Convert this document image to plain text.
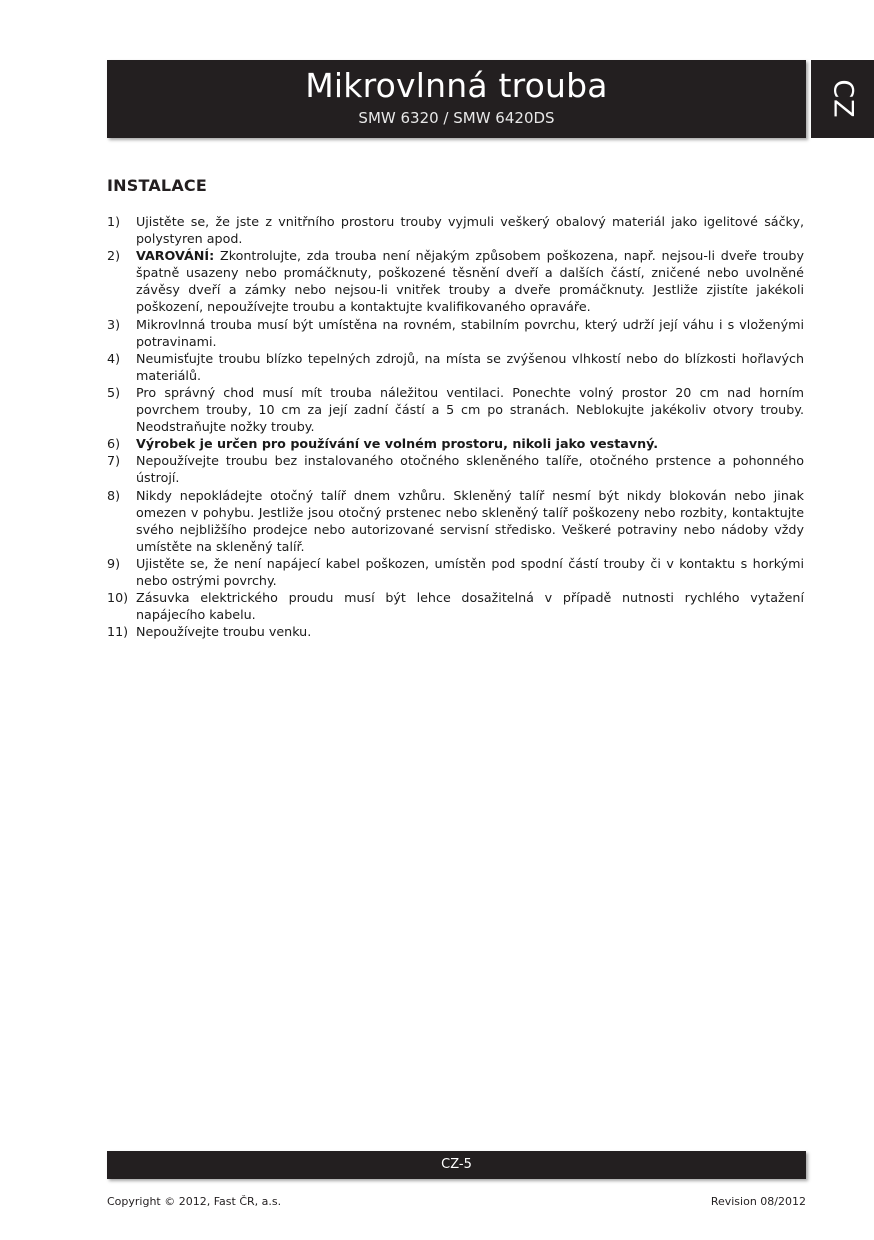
Mikrovlnná trouba
SMW 6320 / SMW 6420DS	CZ
INSTALACE
1) Ujistěte se, že jste z vnitřního prostoru trouby vyjmuli veškerý obalový materiál jako igelitové sáčky, polystyren apod.
2) VAROVÁNÍ: Zkontrolujte, zda trouba není nějakým způsobem poškozena, např. nejsou-li dveře trouby špatně usazeny nebo promáčknuty, poškozené těsnění dveří a dalších částí, zničené nebo uvolněné závěsy dveří a zámky nebo nejsou-li vnitřek trouby a dveře promáčknuty. Jestliže zjistíte jakékoli poškození, nepoužívejte troubu a kontaktujte kvalifikovaného opraváře.
3) Mikrovlnná trouba musí být umístěna na rovném, stabilním povrchu, který udrží její váhu i s vloženými potravinami.
4) Neumisťujte troubu blízko tepelných zdrojů, na místa se zvýšenou vlhkostí nebo do blízkosti hořlavých materiálů.
5) Pro správný chod musí mít trouba náležitou ventilaci. Ponechte volný prostor 20 cm nad horním povrchem trouby, 10 cm za její zadní částí a 5 cm po stranách. Neblokujte jakékoliv otvory trouby. Neodstraňujte nožky trouby.
6) Výrobek je určen pro používání ve volném prostoru, nikoli jako vestavný.
7) Nepoužívejte troubu bez instalovaného otočného skleněného talíře, otočného prstence a pohonného ústrojí.
8) Nikdy nepokládejte otočný talíř dnem vzhůru. Skleněný talíř nesmí být nikdy blokován nebo jinak omezen v pohybu. Jestliže jsou otočný prstenec nebo skleněný talíř poškozeny nebo rozbity, kontaktujte svého nejbližšího prodejce nebo autorizované servisní středisko. Veškeré potraviny nebo nádoby vždy umístěte na skleněný talíř.
9) Ujistěte se, že není napájecí kabel poškozen, umístěn pod spodní částí trouby či v kontaktu s horkými nebo ostrými povrchy.
10) Zásuvka elektrického proudu musí být lehce dosažitelná v případě nutnosti rychlého vytažení napájecího kabelu.
11) Nepoužívejte troubu venku.
CZ-5
Copyright © 2012, Fast ČR, a.s.	Revision 08/2012
